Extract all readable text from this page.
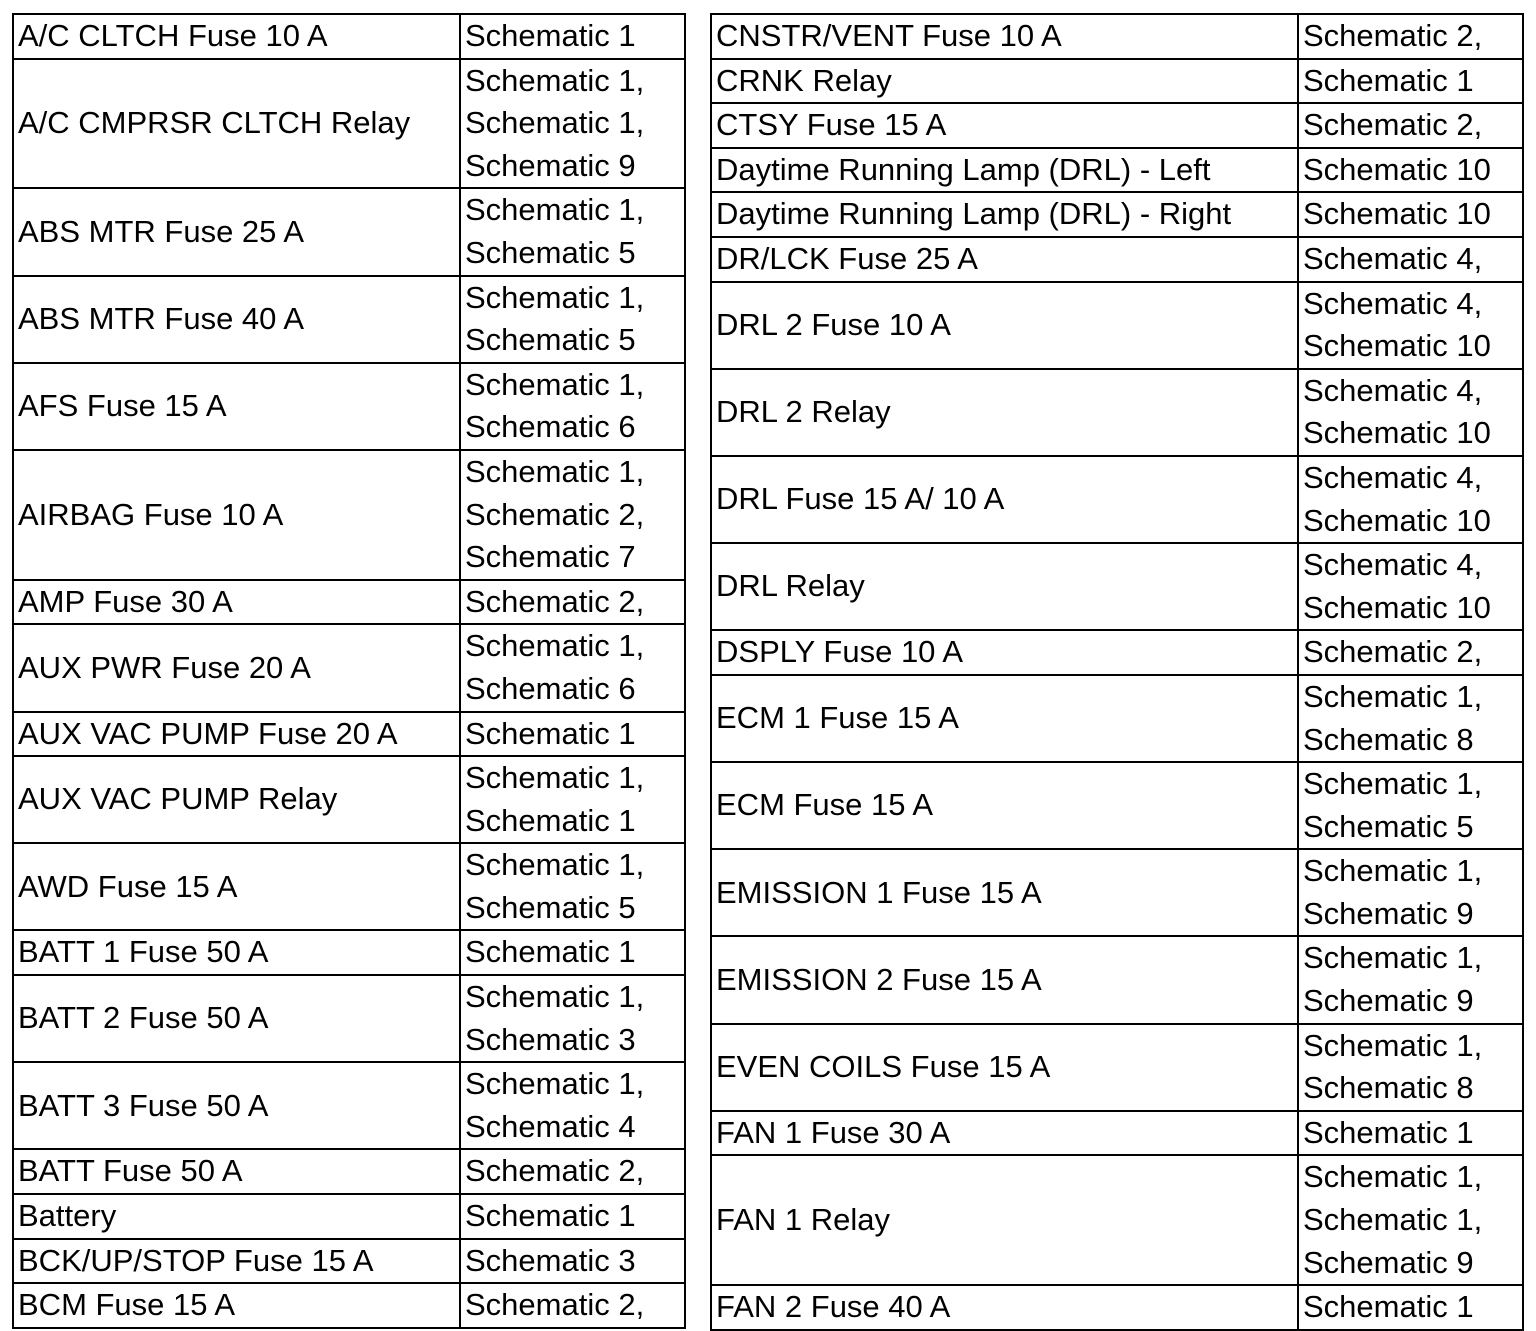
A/C CLTCH Fuse 10 A	Schematic 1

A/C CMPRSR CLTCH Relay	Schematic 1,
Schematic 1,
Schematic 9

ABS MTR Fuse 25 A	Schematic 1,
Schematic 5

ABS MTR Fuse 40 A	Schematic 1,
Schematic 5

AFS Fuse 15 A	Schematic 1,
Schematic 6

AIRBAG Fuse 10 A	Schematic 1,
Schematic 2,
Schematic 7

AMP Fuse 30 A	Schematic 2,

AUX PWR Fuse 20 A	Schematic 1,
Schematic 6

AUX VAC PUMP Fuse 20 A	Schematic 1

AUX VAC PUMP Relay	Schematic 1,
Schematic 1

AWD Fuse 15 A	Schematic 1,
Schematic 5

BATT 1 Fuse 50 A	Schematic 1

BATT 2 Fuse 50 A	Schematic 1,
Schematic 3

BATT 3 Fuse 50 A	Schematic 1,
Schematic 4

BATT Fuse 50 A	Schematic 2,

Battery	Schematic 1

BCK/UP/STOP Fuse 15 A	Schematic 3

BCM Fuse 15 A	Schematic 2,
CNSTR/VENT Fuse 10 A	Schematic 2,

CRNK Relay	Schematic 1

CTSY Fuse 15 A	Schematic 2,

Daytime Running Lamp (DRL) - Left	Schematic 10

Daytime Running Lamp (DRL) - Right	Schematic 10

DR/LCK Fuse 25 A	Schematic 4,

DRL 2 Fuse 10 A	Schematic 4,
Schematic 10

DRL 2 Relay	Schematic 4,
Schematic 10

DRL Fuse 15 A/ 10 A	Schematic 4,
Schematic 10

DRL Relay	Schematic 4,
Schematic 10

DSPLY Fuse 10 A	Schematic 2,

ECM 1 Fuse 15 A	Schematic 1,
Schematic 8

ECM Fuse 15 A	Schematic 1,
Schematic 5

EMISSION 1 Fuse 15 A	Schematic 1,
Schematic 9

EMISSION 2 Fuse 15 A	Schematic 1,
Schematic 9

EVEN COILS Fuse 15 A	Schematic 1,
Schematic 8

FAN 1 Fuse 30 A	Schematic 1

FAN 1 Relay	Schematic 1,
Schematic 1,
Schematic 9

FAN 2 Fuse 40 A	Schematic 1
